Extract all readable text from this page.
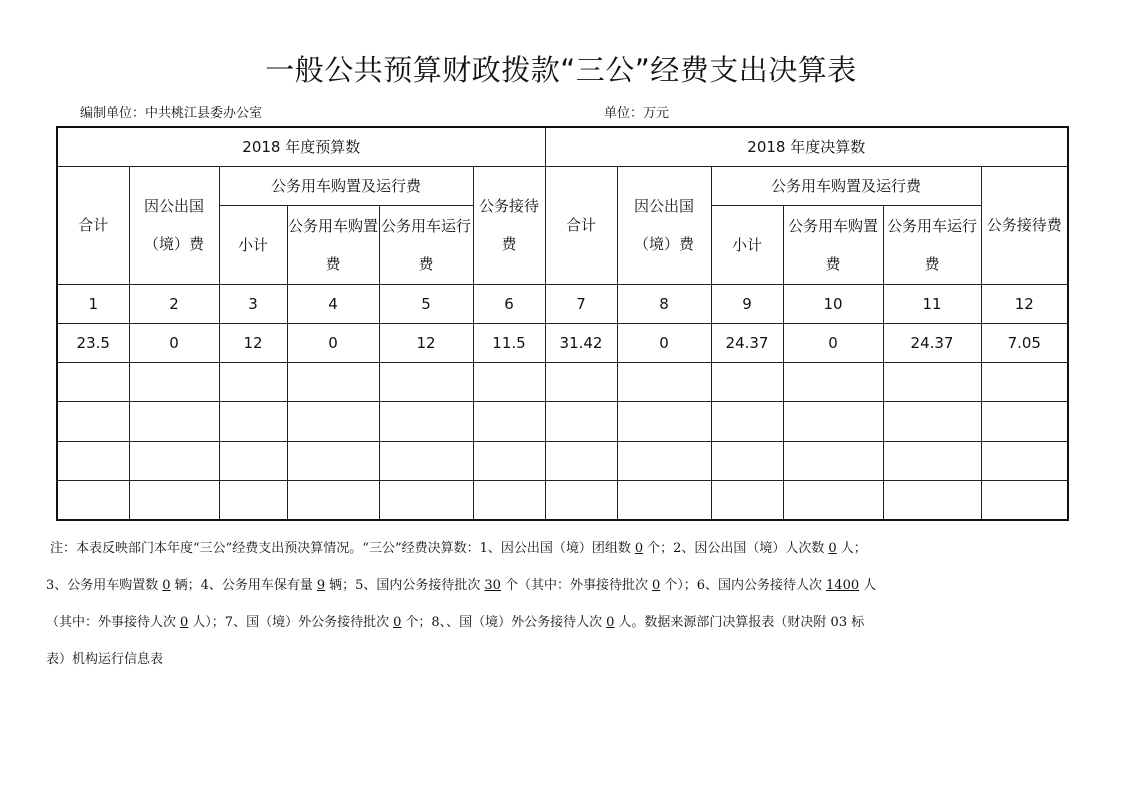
一般公共预算财政拨款“三公”经费支出决算表
编制单位：中共桃江县委办公室	单位：万元
2018 年度预算数						2018 年度决算数					
合计	因公出国（境）费	公务用车购置及运行费			公务接待费	合计	因公出国（境）费	公务用车购置及运行费			公务接待费
		小计	公务用车购置费	公务用车运行费				小计	公务用车购置费	公务用车运行费	
1	2	3	4	5	6	7	8	9	10	11	12
23.5	0	12	0	12	11.5	31.42	0	24.37	0	24.37	7.05

注：本表反映部门本年度“三公”经费支出预决算情况。“三公”经费决算数：1、因公出国（境）团组数 0 个；2、因公出国（境）人次数 0 人；
3、公务用车购置数 0 辆；4、公务用车保有量 9 辆；5、国内公务接待批次 30 个（其中：外事接待批次 0 个）；6、国内公务接待人次 1400 人
（其中：外事接待人次 0 人）；7、国（境）外公务接待批次 0 个；8、、国（境）外公务接待人次 0 人。数据来源部门决算报表（财决附 03 标
表）机构运行信息表
